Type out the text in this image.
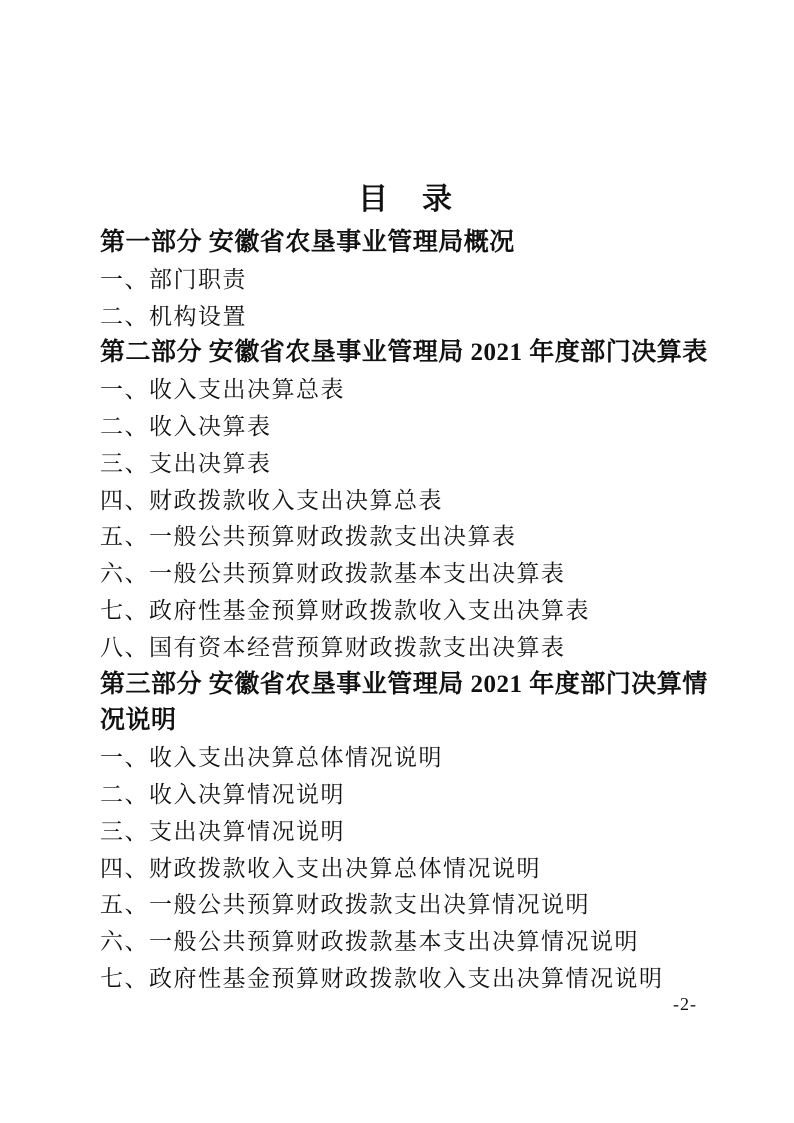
目　录
第一部分 安徽省农垦事业管理局概况
一、部门职责
二、机构设置
第二部分 安徽省农垦事业管理局 2021 年度部门决算表
一、收入支出决算总表
二、收入决算表
三、支出决算表
四、财政拨款收入支出决算总表
五、一般公共预算财政拨款支出决算表
六、一般公共预算财政拨款基本支出决算表
七、政府性基金预算财政拨款收入支出决算表
八、国有资本经营预算财政拨款支出决算表
第三部分 安徽省农垦事业管理局 2021 年度部门决算情况说明
一、收入支出决算总体情况说明
二、收入决算情况说明
三、支出决算情况说明
四、财政拨款收入支出决算总体情况说明
五、一般公共预算财政拨款支出决算情况说明
六、一般公共预算财政拨款基本支出决算情况说明
七、政府性基金预算财政拨款收入支出决算情况说明
-2-
